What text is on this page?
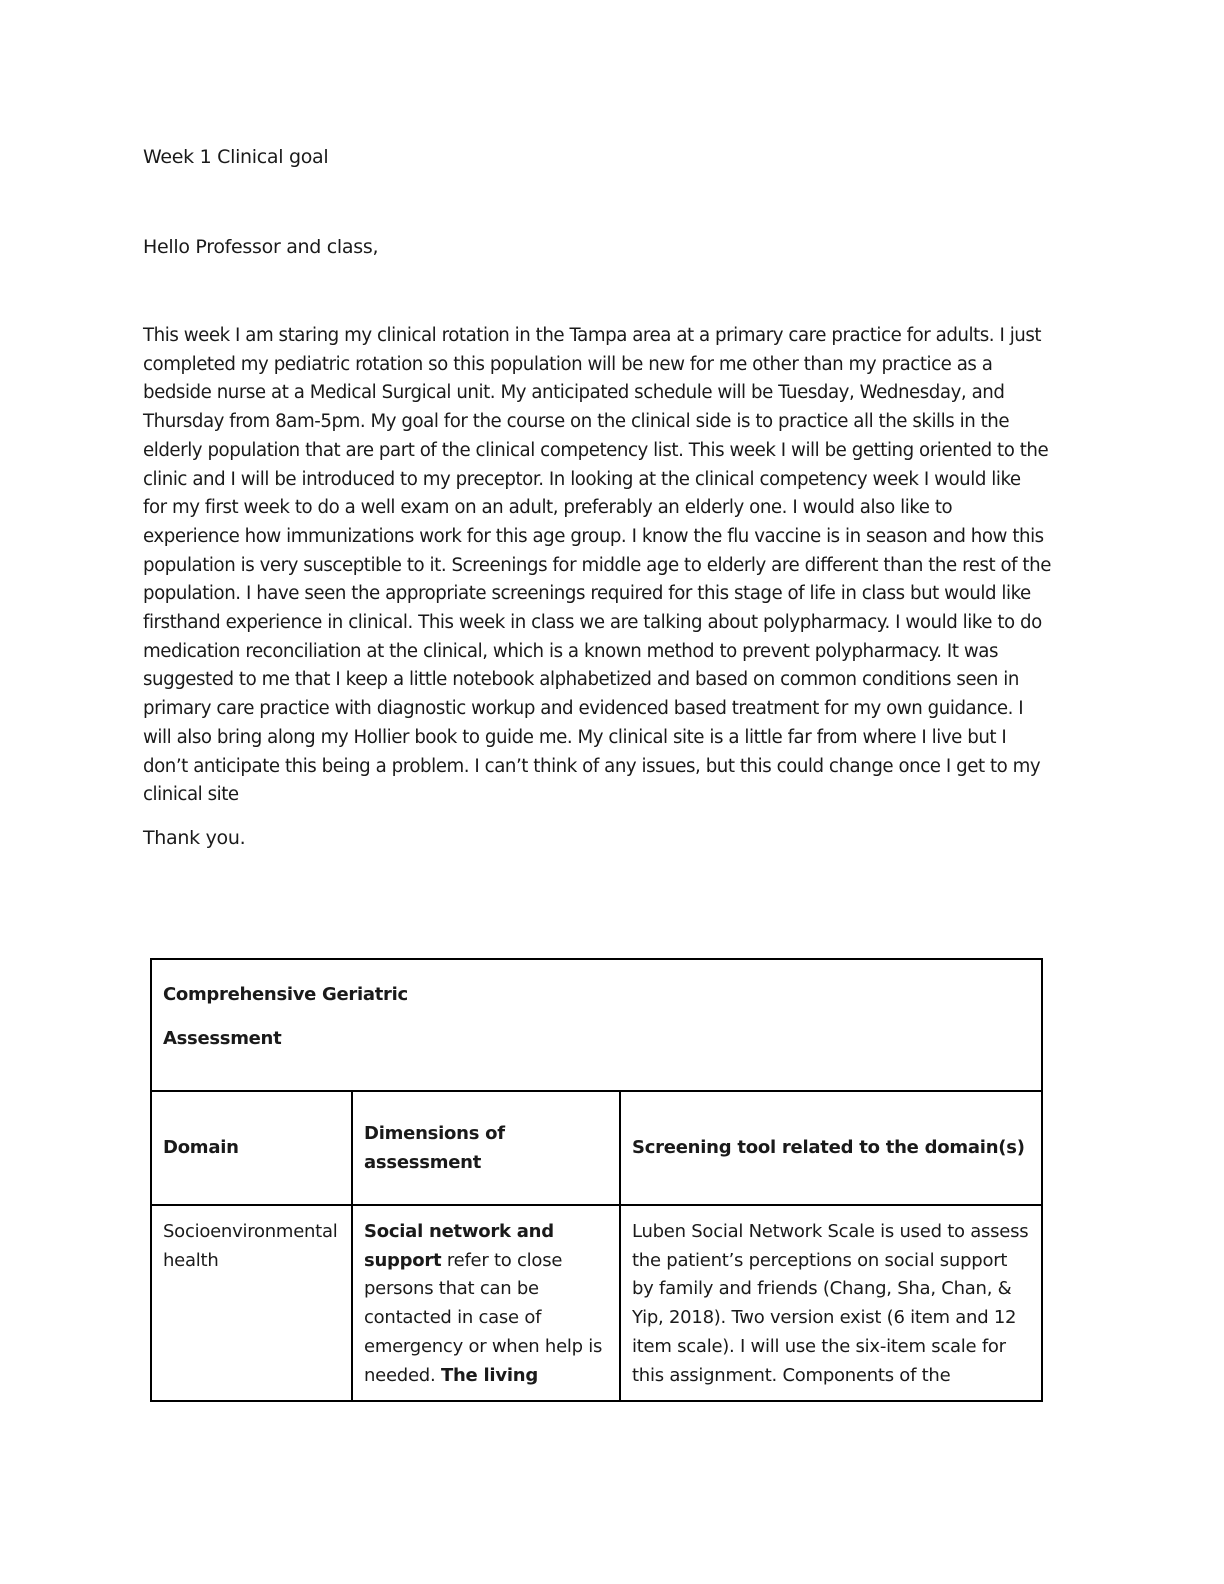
Week 1 Clinical goal
Hello Professor and class,
This week I am staring my clinical rotation in the Tampa area at a primary care practice for adults. I just
completed my pediatric rotation so this population will be new for me other than my practice as a
bedside nurse at a Medical Surgical unit. My anticipated schedule will be Tuesday, Wednesday, and
Thursday from 8am-5pm. My goal for the course on the clinical side is to practice all the skills in the
elderly population that are part of the clinical competency list. This week I will be getting oriented to the
clinic and I will be introduced to my preceptor. In looking at the clinical competency week I would like
for my first week to do a well exam on an adult, preferably an elderly one. I would also like to
experience how immunizations work for this age group. I know the flu vaccine is in season and how this
population is very susceptible to it. Screenings for middle age to elderly are different than the rest of the
population. I have seen the appropriate screenings required for this stage of life in class but would like
firsthand experience in clinical. This week in class we are talking about polypharmacy. I would like to do
medication reconciliation at the clinical, which is a known method to prevent polypharmacy. It was
suggested to me that I keep a little notebook alphabetized and based on common conditions seen in
primary care practice with diagnostic workup and evidenced based treatment for my own guidance. I
will also bring along my Hollier book to guide me. My clinical site is a little far from where I live but I
don’t anticipate this being a problem. I can’t think of any issues, but this could change once I get to my
clinical site
Thank you.
Comprehensive Geriatric
Assessment
Domain
Dimensions of
assessment
Screening tool related to the domain(s)
Socioenvironmental
health
Social network and
support refer to close
persons that can be
contacted in case of
emergency or when help is
needed. The living
Luben Social Network Scale is used to assess
the patient’s perceptions on social support
by family and friends (Chang, Sha, Chan, &
Yip, 2018). Two version exist (6 item and 12
item scale). I will use the six-item scale for
this assignment. Components of the
